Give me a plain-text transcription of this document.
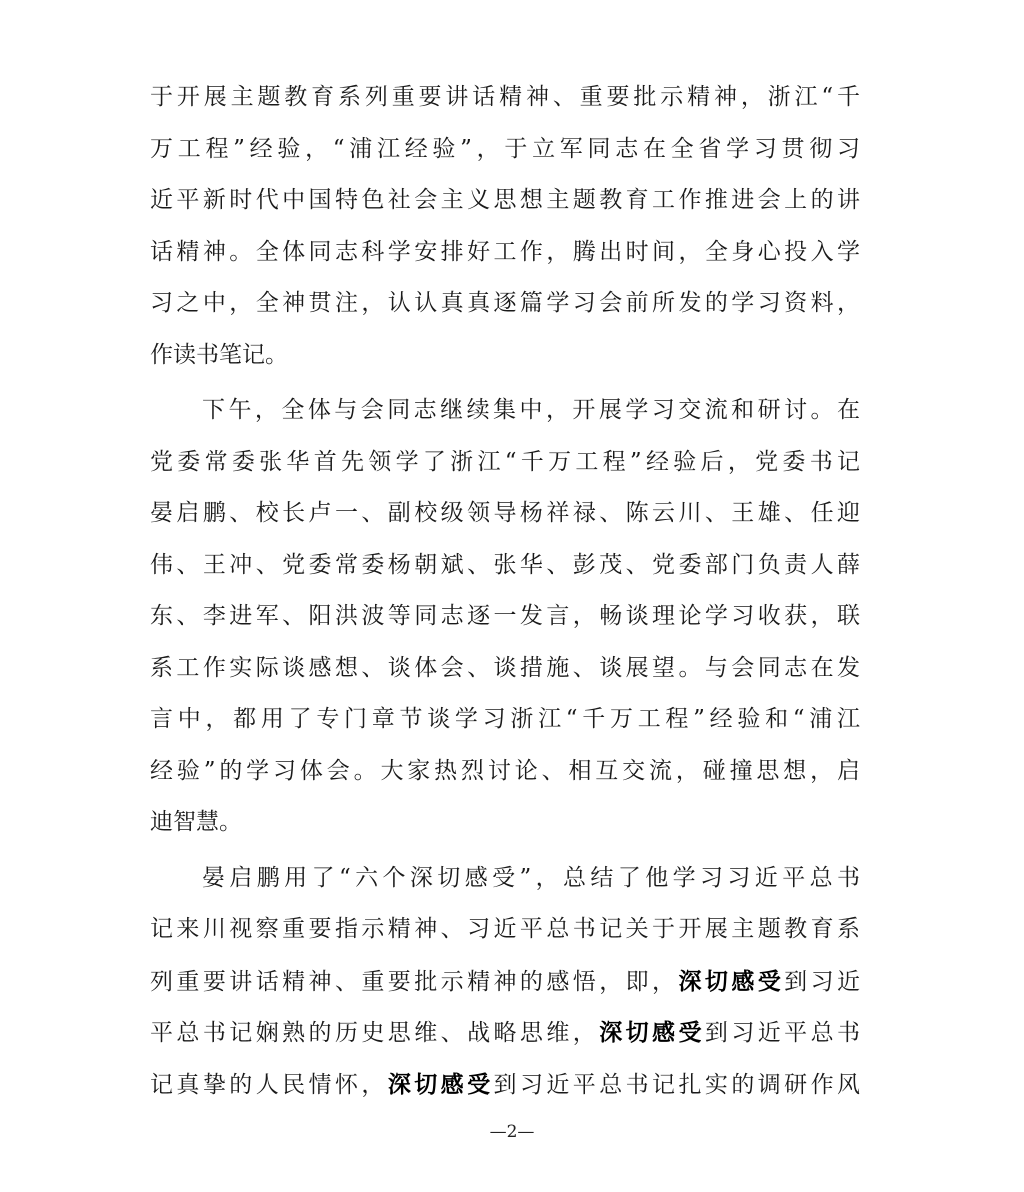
于开展主题教育系列重要讲话精神、重要批示精神，浙江“千
万工程”经验，“浦江经验”，于立军同志在全省学习贯彻习
近平新时代中国特色社会主义思想主题教育工作推进会上的讲
话精神。全体同志科学安排好工作，腾出时间，全身心投入学
习之中，全神贯注，认认真真逐篇学习会前所发的学习资料，
作读书笔记。
下午，全体与会同志继续集中，开展学习交流和研讨。在
党委常委张华首先领学了浙江“千万工程”经验后，党委书记
晏启鹏、校长卢一、副校级领导杨祥禄、陈云川、王雄、任迎
伟、王冲、党委常委杨朝斌、张华、彭茂、党委部门负责人薛
东、李进军、阳洪波等同志逐一发言，畅谈理论学习收获，联
系工作实际谈感想、谈体会、谈措施、谈展望。与会同志在发
言中，都用了专门章节谈学习浙江“千万工程”经验和“浦江
经验”的学习体会。大家热烈讨论、相互交流，碰撞思想，启
迪智慧。
晏启鹏用了“六个深切感受”，总结了他学习习近平总书
记来川视察重要指示精神、习近平总书记关于开展主题教育系
列重要讲话精神、重要批示精神的感悟，即，深切感受到习近
平总书记娴熟的历史思维、战略思维，深切感受到习近平总书
记真挚的人民情怀，深切感受到习近平总书记扎实的调研作风
—2—
